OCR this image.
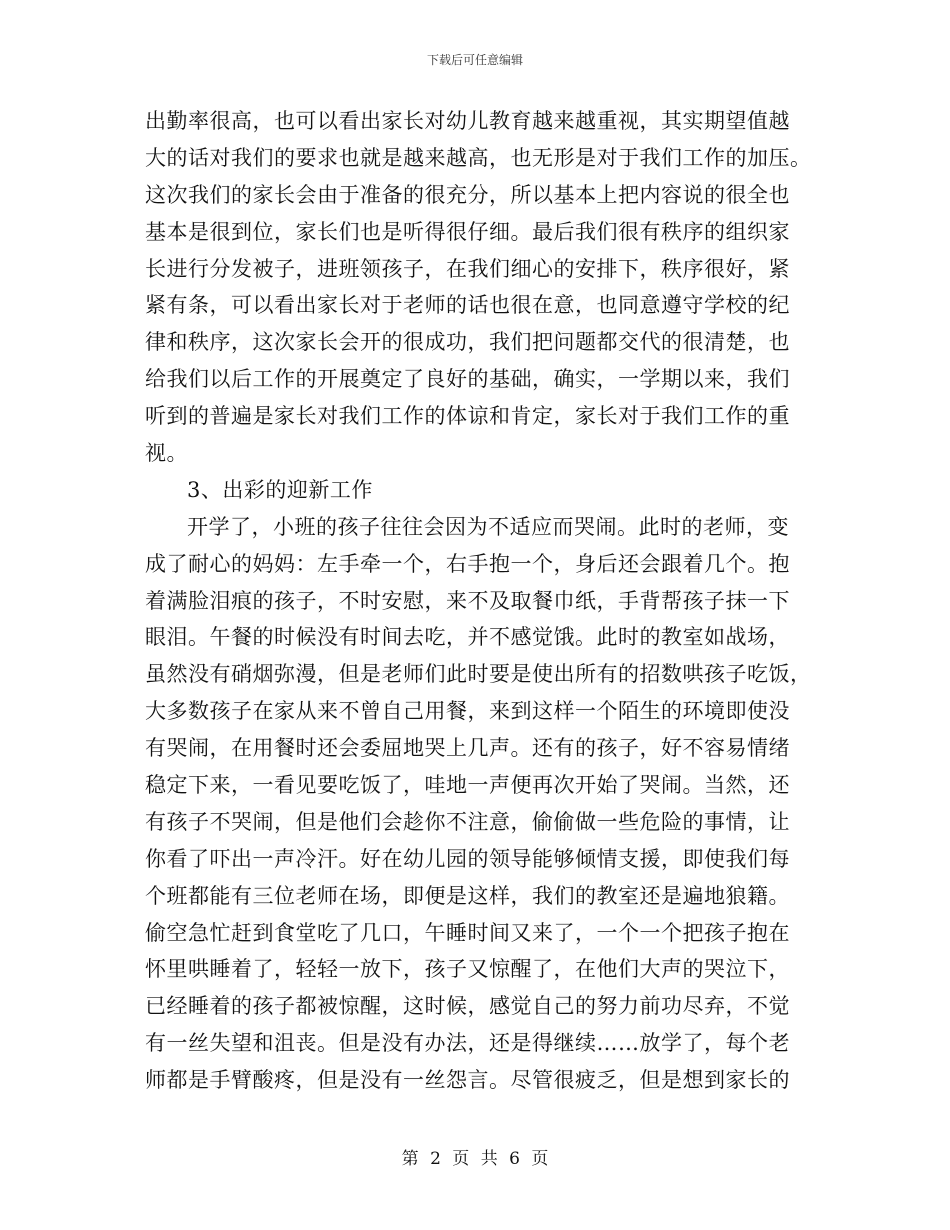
下载后可任意编辑
出勤率很高，也可以看出家长对幼儿教育越来越重视，其实期望值越
大的话对我们的要求也就是越来越高，也无形是对于我们工作的加压。
这次我们的家长会由于准备的很充分，所以基本上把内容说的很全也
基本是很到位，家长们也是听得很仔细。最后我们很有秩序的组织家
长进行分发被子，进班领孩子，在我们细心的安排下，秩序很好，紧
紧有条，可以看出家长对于老师的话也很在意，也同意遵守学校的纪
律和秩序，这次家长会开的很成功，我们把问题都交代的很清楚，也
给我们以后工作的开展奠定了良好的基础，确实，一学期以来，我们
听到的普遍是家长对我们工作的体谅和肯定，家长对于我们工作的重
视。
3、出彩的迎新工作
开学了，小班的孩子往往会因为不适应而哭闹。此时的老师，变
成了耐心的妈妈：左手牵一个，右手抱一个，身后还会跟着几个。抱
着满脸泪痕的孩子，不时安慰，来不及取餐巾纸，手背帮孩子抹一下
眼泪。午餐的时候没有时间去吃，并不感觉饿。此时的教室如战场，
虽然没有硝烟弥漫，但是老师们此时要是使出所有的招数哄孩子吃饭，
大多数孩子在家从来不曾自己用餐，来到这样一个陌生的环境即使没
有哭闹，在用餐时还会委屈地哭上几声。还有的孩子，好不容易情绪
稳定下来，一看见要吃饭了，哇地一声便再次开始了哭闹。当然，还
有孩子不哭闹，但是他们会趁你不注意，偷偷做一些危险的事情，让
你看了吓出一声冷汗。好在幼儿园的领导能够倾情支援，即使我们每
个班都能有三位老师在场，即便是这样，我们的教室还是遍地狼籍。
偷空急忙赶到食堂吃了几口，午睡时间又来了，一个一个把孩子抱在
怀里哄睡着了，轻轻一放下，孩子又惊醒了，在他们大声的哭泣下，
已经睡着的孩子都被惊醒，这时候，感觉自己的努力前功尽弃，不觉
有一丝失望和沮丧。但是没有办法，还是得继续……放学了，每个老
师都是手臂酸疼，但是没有一丝怨言。尽管很疲乏，但是想到家长的
第 2 页 共 6 页
